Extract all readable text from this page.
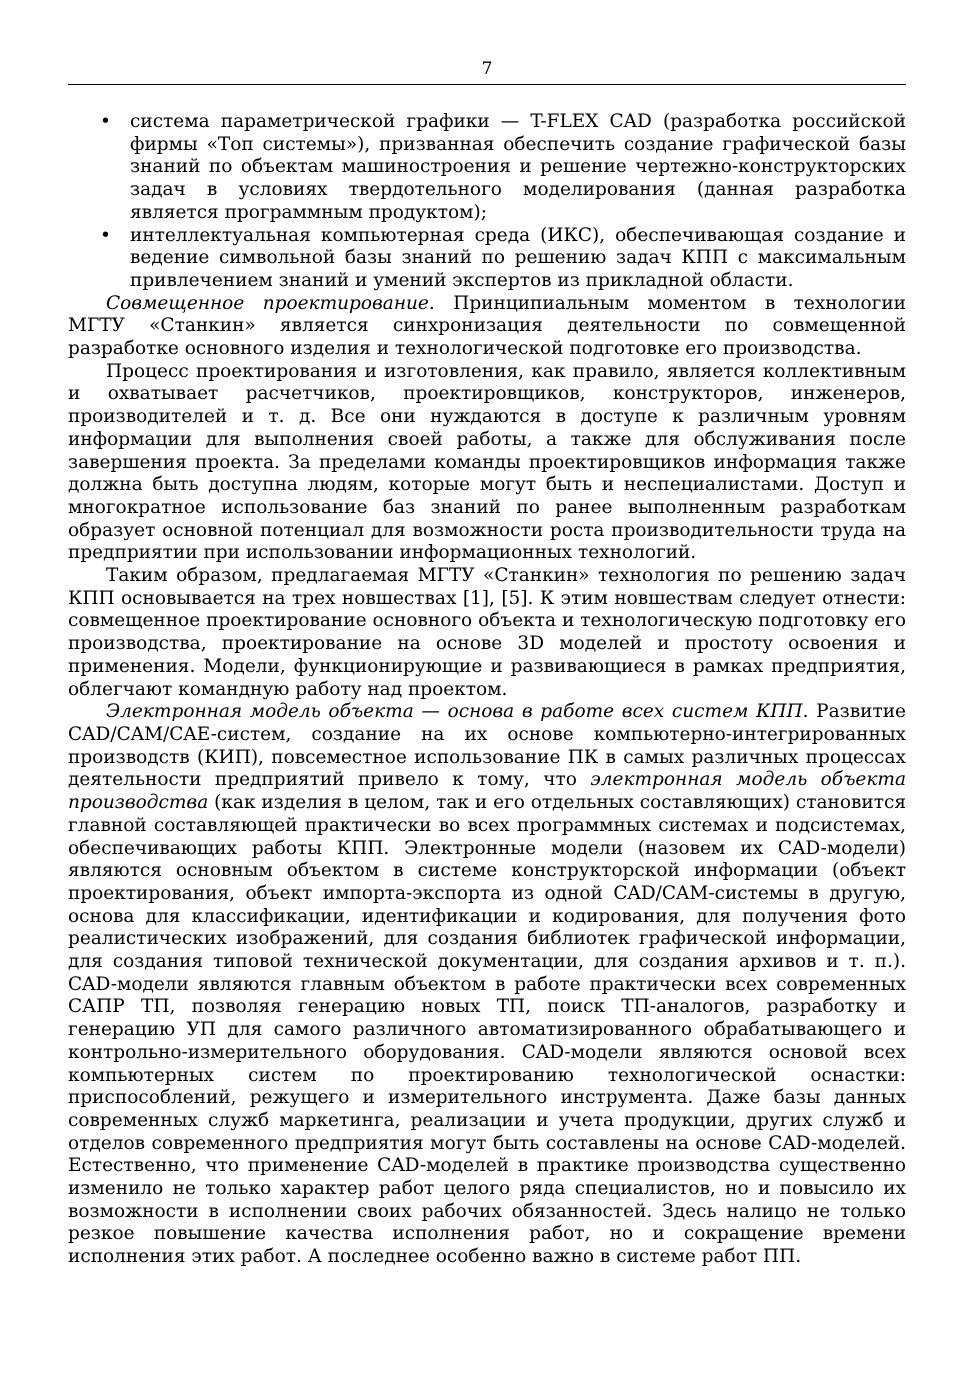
7
• система параметрической графики — T-FLEX CAD (разработка российской фирмы «Топ системы»), призванная обеспечить создание графической базы знаний по объектам машиностроения и решение чертежно-конструкторских задач в условиях твердотельного моделирования (данная разработка является программным продуктом);
• интеллектуальная компьютерная среда (ИКС), обеспечивающая создание и ведение символьной базы знаний по решению задач КПП с максимальным привлечением знаний и умений экспертов из прикладной области.

Совмещенное проектирование. Принципиальным моментом в технологии МГТУ «Станкин» является синхронизация деятельности по совмещенной разработке основного изделия и технологической подготовке его производства.

Процесс проектирования и изготовления, как правило, является коллективным и охватывает расчетчиков, проектировщиков, конструкторов, инженеров, производителей и т. д. Все они нуждаются в доступе к различным уровням информации для выполнения своей работы, а также для обслуживания после завершения проекта. За пределами команды проектировщиков информация также должна быть доступна людям, которые могут быть и неспециалистами. Доступ и многократное использование баз знаний по ранее выполненным разработкам образует основной потенциал для возможности роста производительности труда на предприятии при использовании информационных технологий.

Таким образом, предлагаемая МГТУ «Станкин» технология по решению задач КПП основывается на трех новшествах [1], [5]. К этим новшествам следует отнести: совмещенное проектирование основного объекта и технологическую подготовку его производства, проектирование на основе 3D моделей и простоту освоения и применения. Модели, функционирующие и развивающиеся в рамках предприятия, облегчают командную работу над проектом.

Электронная модель объекта — основа в работе всех систем КПП. Развитие CAD/CAM/CAE-систем, создание на их основе компьютерно-интегрированных производств (КИП), повсеместное использование ПК в самых различных процессах деятельности предприятий привело к тому, что электронная модель объекта производства (как изделия в целом, так и его отдельных составляющих) становится главной составляющей практически во всех программных системах и подсистемах, обеспечивающих работы КПП. Электронные модели (назовем их CAD-модели) являются основным объектом в системе конструкторской информации (объект проектирования, объект импорта-экспорта из одной CAD/CAM-системы в другую, основа для классификации, идентификации и кодирования, для получения фото реалистических изображений, для создания библиотек графической информации, для создания типовой технической документации, для создания архивов и т. п.). CAD-модели являются главным объектом в работе практически всех современных САПР ТП, позволяя генерацию новых ТП, поиск ТП-аналогов, разработку и генерацию УП для самого различного автоматизированного обрабатывающего и контрольно-измерительного оборудования. CAD-модели являются основой всех компьютерных систем по проектированию технологической оснастки: приспособлений, режущего и измерительного инструмента. Даже базы данных современных служб маркетинга, реализации и учета продукции, других служб и отделов современного предприятия могут быть составлены на основе CAD-моделей. Естественно, что применение CAD-моделей в практике производства существенно изменило не только характер работ целого ряда специалистов, но и повысило их возможности в исполнении своих рабочих обязанностей. Здесь налицо не только резкое повышение качества исполнения работ, но и сокращение времени исполнения этих работ. А последнее особенно важно в системе работ ПП.
